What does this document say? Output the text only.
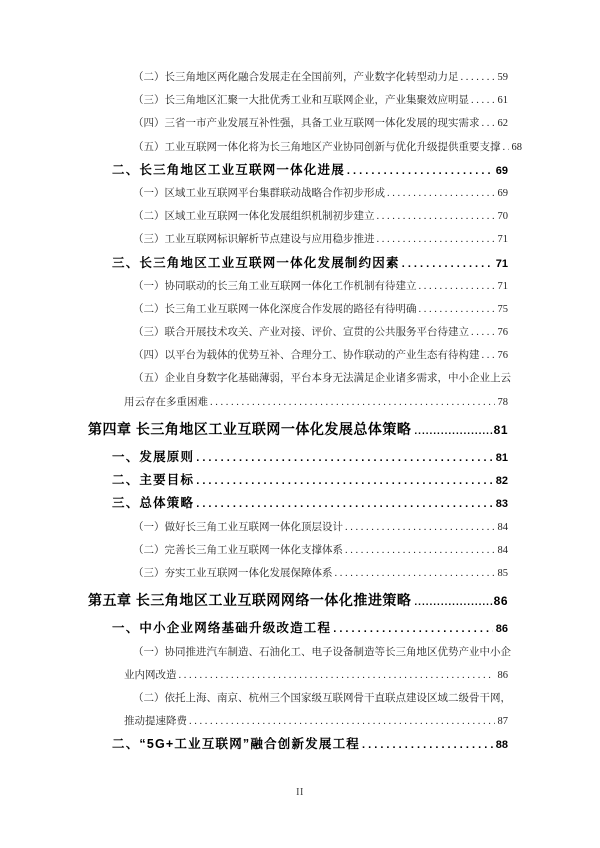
（二）长三角地区两化融合发展走在全国前列，产业数字化转型动力足 . . .	59
（三）长三角地区汇聚一大批优秀工业和互联网企业，产业集聚效应明显 . . .	61
（四）三省一市产业发展互补性强，具备工业互联网一体化发展的现实需求 . . . 62
（五）工业互联网一体化将为长三角地区产业协同创新与优化升级提供重要支撑 . . . 68
二、长三角地区工业互联网一体化进展 . . .	69
（一）区域工业互联网平台集群联动战略合作初步形成 . . .	69
（二）区域工业互联网一体化发展组织机制初步建立 . . .	70
（三）工业互联网标识解析节点建设与应用稳步推进 . . .	71
三、长三角地区工业互联网一体化发展制约因素 . . .	71
（一）协同联动的长三角工业互联网一体化工作机制有待建立 . . .	71
（二）长三角工业互联网一体化深度合作发展的路径有待明确 . . .	75
（三）联合开展技术攻关、产业对接、评价、宣贯的公共服务平台待建立 . . .	76
（四）以平台为载体的优势互补、合理分工、协作联动的产业生态有待构建 . . . 76
（五）企业自身数字化基础薄弱，平台本身无法满足企业诸多需求，中小企业上云
用云存在多重困难 . . .	78
第四章 长三角地区工业互联网一体化发展总体策略 .....	81
一、发展原则 . . .	81
二、主要目标 . . .	82
三、总体策略 . . .	83
（一）做好长三角工业互联网一体化顶层设计 . . .	84
（二）完善长三角工业互联网一体化支撑体系 . . .	84
（三）夯实工业互联网一体化发展保障体系 . . .	85
第五章 长三角地区工业互联网网络一体化推进策略 .....	86
一、中小企业网络基础升级改造工程 . . .	86
（一）协同推进汽车制造、石油化工、电子设备制造等长三角地区优势产业中小企
业内网改造 . . .	86
（二）依托上海、南京、杭州三个国家级互联网骨干直联点建设区域二级骨干网，
推动提速降费 . . .	87
二、“5G+工业互联网”融合创新发展工程 . . .	88
II
